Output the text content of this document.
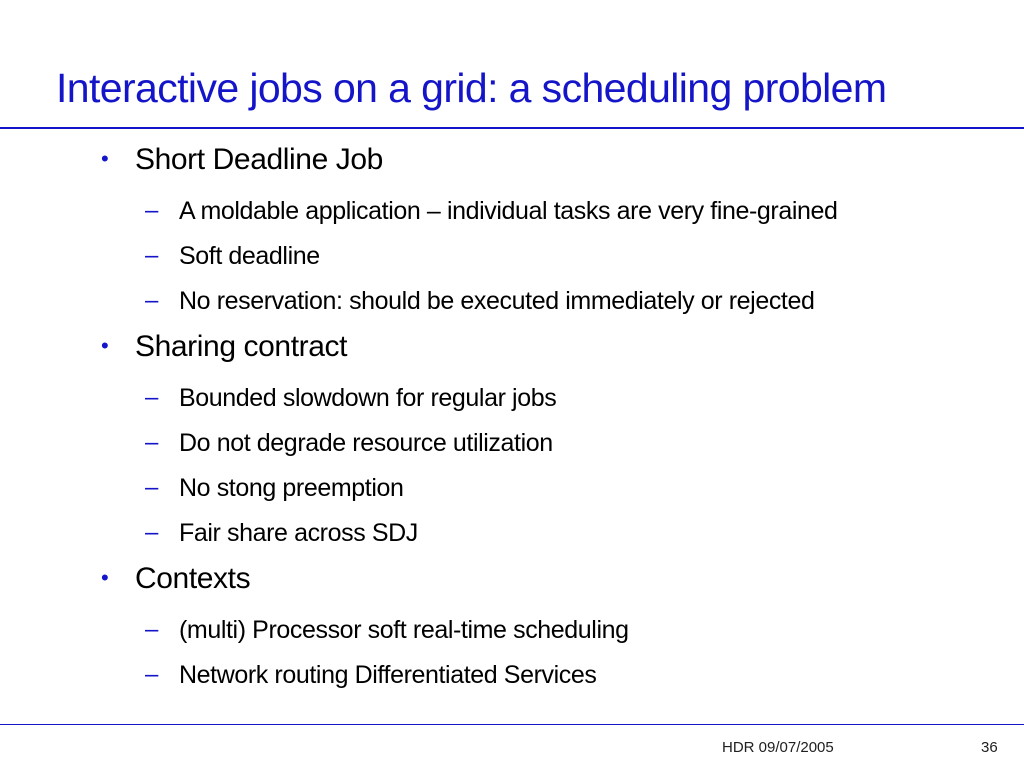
Interactive jobs on a grid: a scheduling problem
• Short Deadline Job
– A moldable application – individual tasks are very fine-grained
– Soft deadline
– No reservation: should be executed immediately or rejected
• Sharing contract
– Bounded slowdown for regular jobs
– Do not degrade resource utilization
– No stong preemption
– Fair share across SDJ
• Contexts
– (multi) Processor soft real-time scheduling
– Network routing Differentiated Services
HDR 09/07/2005	36
